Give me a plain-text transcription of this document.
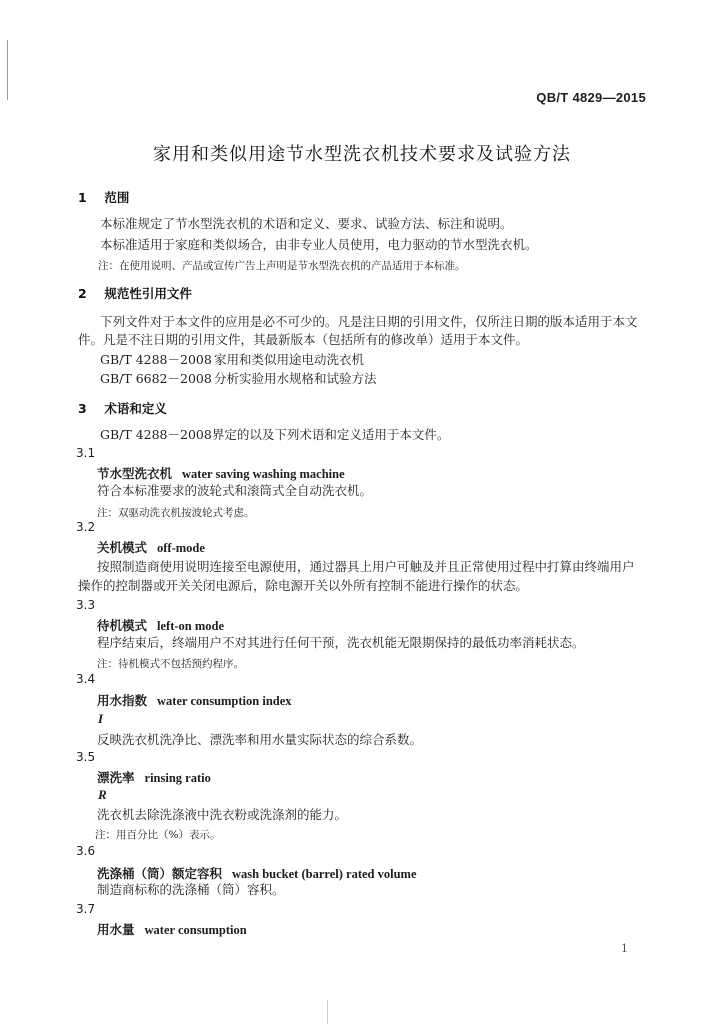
QB/T 4829—2015
家用和类似用途节水型洗衣机技术要求及试验方法
1 范围
本标准规定了节水型洗衣机的术语和定义、要求、试验方法、标注和说明。
本标准适用于家庭和类似场合，由非专业人员使用，电力驱动的节水型洗衣机。
注：在使用说明、产品或宣传广告上声明是节水型洗衣机的产品适用于本标准。
2 规范性引用文件
下列文件对于本文件的应用是必不可少的。凡是注日期的引用文件，仅所注日期的版本适用于本文
件。凡是不注日期的引用文件，其最新版本（包括所有的修改单）适用于本文件。
GB/T 4288－2008 家用和类似用途电动洗衣机
GB/T 6682－2008 分析实验用水规格和试验方法
3 术语和定义
GB/T 4288－2008界定的以及下列术语和定义适用于本文件。
3.1
节水型洗衣机 water saving washing machine
符合本标准要求的波轮式和滚筒式全自动洗衣机。
注：双驱动洗衣机按波轮式考虑。
3.2
关机模式 off-mode
按照制造商使用说明连接至电源使用，通过器具上用户可触及并且正常使用过程中打算由终端用户
操作的控制器或开关关闭电源后，除电源开关以外所有控制不能进行操作的状态。
3.3
待机模式 left-on mode
程序结束后，终端用户不对其进行任何干预，洗衣机能无限期保持的最低功率消耗状态。
注：待机模式不包括预约程序。
3.4
用水指数 water consumption index
I
反映洗衣机洗净比、漂洗率和用水量实际状态的综合系数。
3.5
漂洗率 rinsing ratio
R
洗衣机去除洗涤液中洗衣粉或洗涤剂的能力。
注：用百分比（%）表示。
3.6
洗涤桶（筒）额定容积 wash bucket (barrel) rated volume
制造商标称的洗涤桶（筒）容积。
3.7
用水量 water consumption
1
